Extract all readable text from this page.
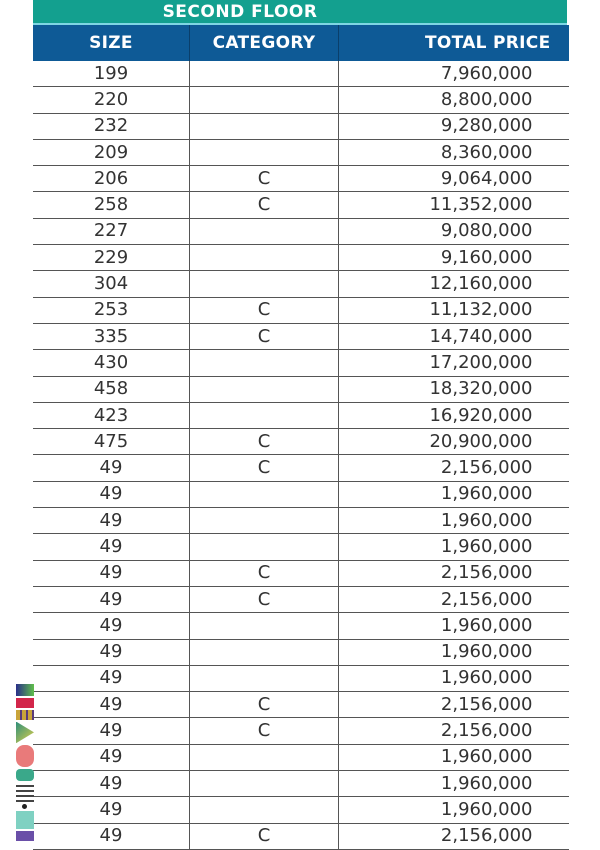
SECOND FLOOR
SIZE	CATEGORY	TOTAL PRICE
199		7,960,000
220		8,800,000
232		9,280,000
209		8,360,000
206	C	9,064,000
258	C	11,352,000
227		9,080,000
229		9,160,000
304		12,160,000
253	C	11,132,000
335	C	14,740,000
430		17,200,000
458		18,320,000
423		16,920,000
475	C	20,900,000
49	C	2,156,000
49		1,960,000
49		1,960,000
49		1,960,000
49	C	2,156,000
49	C	2,156,000
49		1,960,000
49		1,960,000
49		1,960,000
49	C	2,156,000
49	C	2,156,000
49		1,960,000
49		1,960,000
49		1,960,000
49	C	2,156,000
